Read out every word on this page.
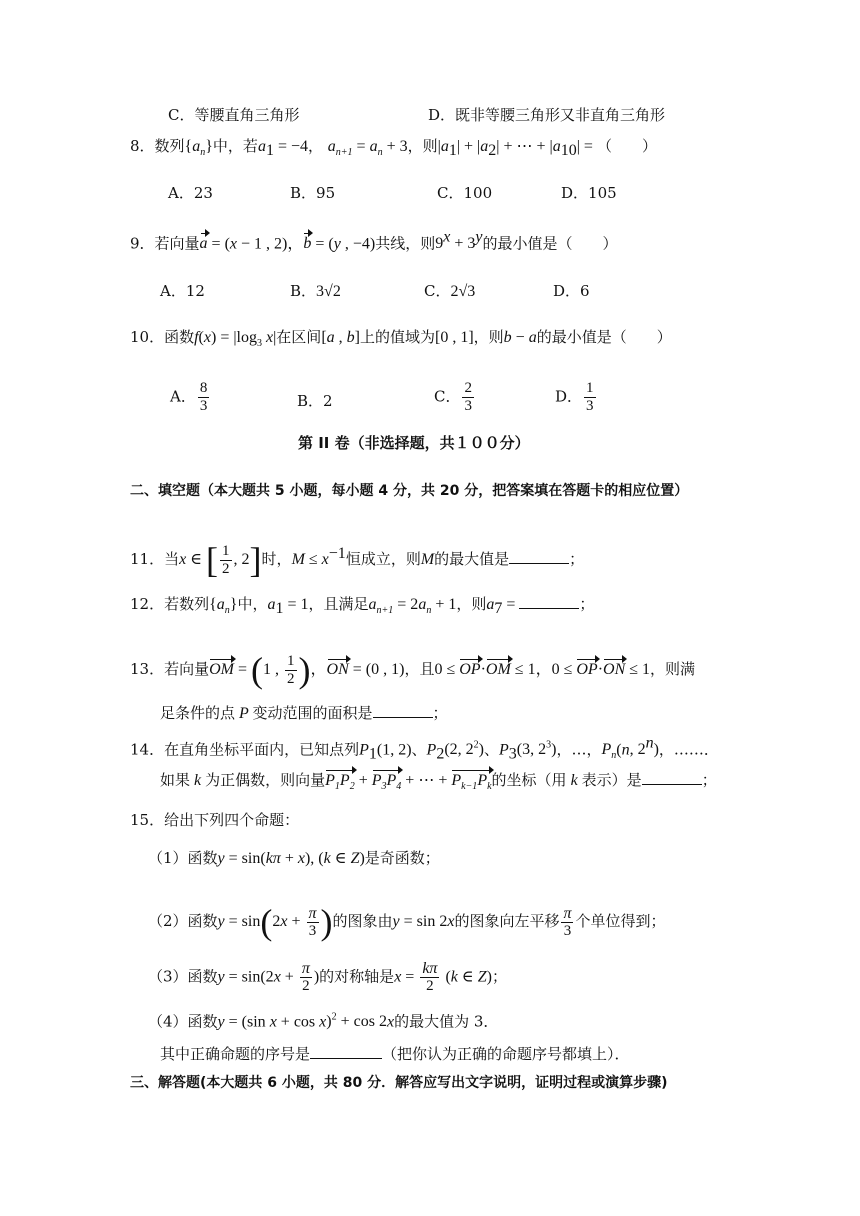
C．等腰直角三角形	D．既非等腰三角形又非直角三角形
8．数列$\{a_n\}$中，若$a_1 = -4$， $a_{n+1} = a_n + 3$，则$|a_1| + |a_2|$ + ⋯ + $|a_{10}|$ = （　　）
A．23	B．95	C．100	D．105
9．若向量a = (x − 1 , 2)，b = (y , −4)共线，则$9^x + 3^y$的最小值是（　　）
A．12	B．3√2	C．2√3	D．6
10．函数$f(x) = |\log_3$ x|在区间[a , b]上的值域为[0 , 1]，则b − a的最小值是（　　）
A． $\frac{8}{3}$	B．2	C． $\frac{2}{3}$	D． $\frac{1}{3}$
第 II 卷（非选择题，共１００分）
二、填空题（本大题共 5 小题，每小题 4 分，共 20 分，把答案填在答题卡的相应位置）
11．当x ∈ [ $\frac{1}{2}$ , 2]时，$M \le x^{-1}$恒成立，则M的最大值是	；
12．若数列$\{a_n\}$中，$a_1 = 1$，且满足$a_{n+1} = 2a_n + 1$，则$a_7$ =	；
13．若向量OM = (1 , $\frac{1}{2}$ )，ON = (0 , 1)，且0 ≤ OP·OM ≤ 1，0 ≤ OP·ON ≤ 1，则满
足条件的点 P 变动范围的面积是	；
14．在直角坐标平面内，已知点列$P_1(1$, 2)、$P_2(2$, $2^2$)、$P_3(3$, $2^3$)，…，$P_n(n$, 2$^n$)，……．
如果 k 为正偶数，则向量$P_1P_2 + P_3P_4$ + ⋯ + $P_{k-1}P_k$的坐标（用 k 表示）是	；
15．给出下列四个命题：
（1）函数y = sin(kπ + x), (k ∈ Z)是奇函数；
（2）函数$y = \sin(2x + \frac{\pi}{3}$ )的图象由y = sin 2x的图象向左平移 $\frac{\pi}{3}$ 个单位得到；
（3）函数$y = \sin(2x + \frac{\pi}{2}$ )的对称轴是$x = \frac{k\pi}{2} (k$ ∈ Z)；
（4）函数y = (sin x + cos x)$^2$ + cos 2x的最大值为 3．
其中正确命题的序号是	（把你认为正确的命题序号都填上）．
三、解答题(本大题共 6 小题，共 80 分．解答应写出文字说明，证明过程或演算步骤)
